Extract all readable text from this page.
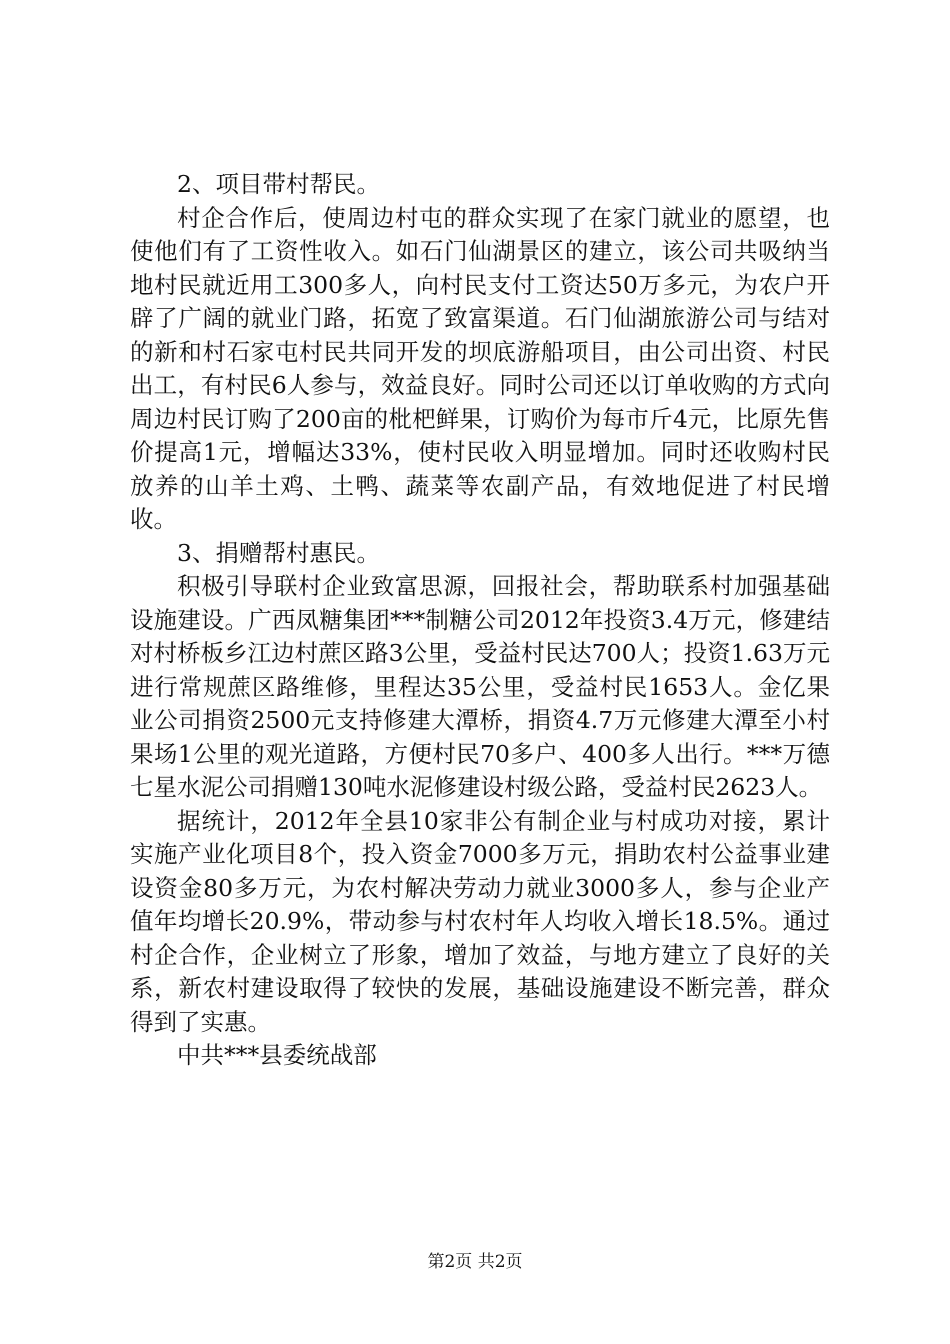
2、项目带村帮民。

村企合作后，使周边村屯的群众实现了在家门就业的愿望，也使他们有了工资性收入。如石门仙湖景区的建立，该公司共吸纳当地村民就近用工300多人，向村民支付工资达50万多元，为农户开辟了广阔的就业门路，拓宽了致富渠道。石门仙湖旅游公司与结对的新和村石家屯村民共同开发的坝底游船项目，由公司出资、村民出工，有村民6人参与，效益良好。同时公司还以订单收购的方式向周边村民订购了200亩的枇杷鲜果，订购价为每市斤4元，比原先售价提高1元，增幅达33%，使村民收入明显增加。同时还收购村民放养的山羊土鸡、土鸭、蔬菜等农副产品，有效地促进了村民增收。

3、捐赠帮村惠民。

积极引导联村企业致富思源，回报社会，帮助联系村加强基础设施建设。广西凤糖集团***制糖公司2012年投资3.4万元，修建结对村桥板乡江边村蔗区路3公里，受益村民达700人；投资1.63万元进行常规蔗区路维修，里程达35公里，受益村民1653人。金亿果业公司捐资2500元支持修建大潭桥，捐资4.7万元修建大潭至小村果场1公里的观光道路，方便村民70多户、400多人出行。***万德七星水泥公司捐赠130吨水泥修建设村级公路，受益村民2623人。

据统计，2012年全县10家非公有制企业与村成功对接，累计实施产业化项目8个，投入资金7000多万元，捐助农村公益事业建设资金80多万元，为农村解决劳动力就业3000多人，参与企业产值年均增长20.9%，带动参与村农村年人均收入增长18.5%。通过村企合作，企业树立了形象，增加了效益，与地方建立了良好的关系，新农村建设取得了较快的发展，基础设施建设不断完善，群众得到了实惠。

中共***县委统战部

第2页 共2页
